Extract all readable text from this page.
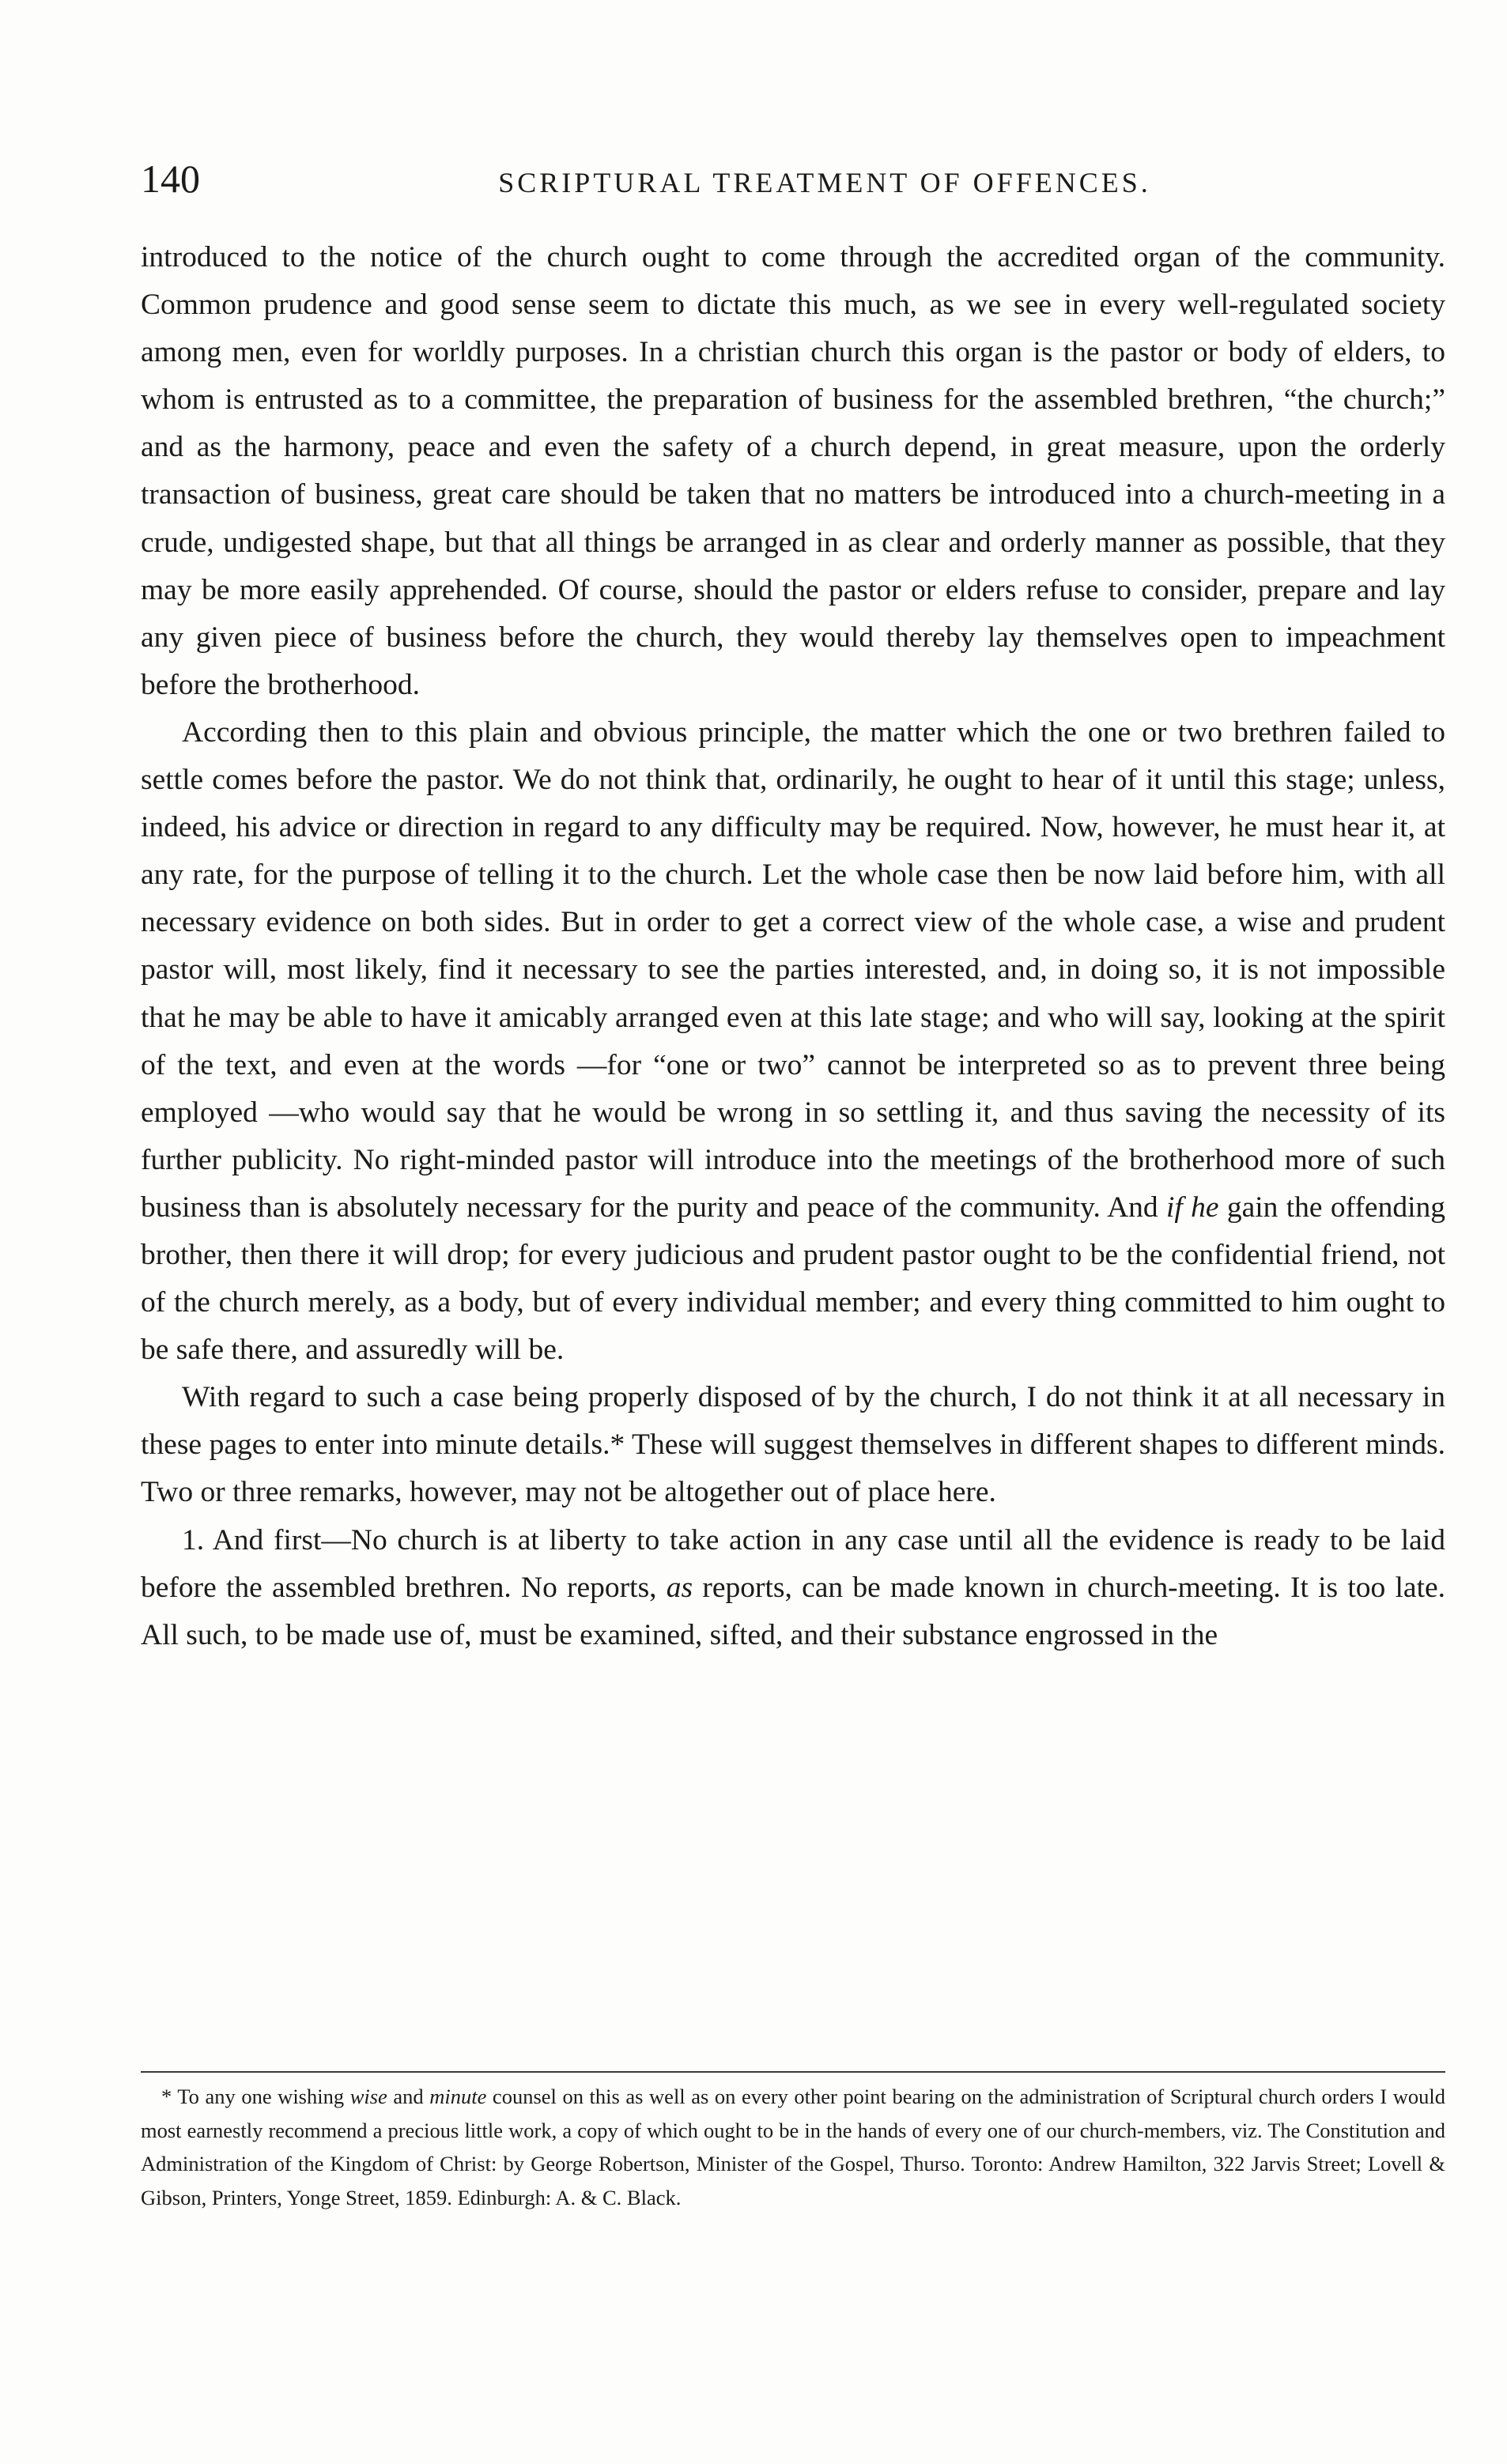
140	SCRIPTURAL TREATMENT OF OFFENCES.

introduced to the notice of the church ought to come through the accredited organ of the community. Common prudence and good sense seem to dictate this much, as we see in every well-regulated society among men, even for worldly purposes. In a christian church this organ is the pastor or body of elders, to whom is entrusted as to a committee, the preparation of business for the assembled brethren, “the church;” and as the harmony, peace and even the safety of a church depend, in great measure, upon the orderly transaction of business, great care should be taken that no matters be introduced into a church-meeting in a crude, undigested shape, but that all things be arranged in as clear and orderly manner as possible, that they may be more easily apprehended. Of course, should the pastor or elders refuse to consider, prepare and lay any given piece of business before the church, they would thereby lay themselves open to impeachment before the brotherhood.

According then to this plain and obvious principle, the matter which the one or two brethren failed to settle comes before the pastor. We do not think that, ordinarily, he ought to hear of it until this stage; unless, indeed, his advice or direction in regard to any difficulty may be required. Now, however, he must hear it, at any rate, for the purpose of telling it to the church. Let the whole case then be now laid before him, with all necessary evidence on both sides. But in order to get a correct view of the whole case, a wise and prudent pastor will, most likely, find it necessary to see the parties interested, and, in doing so, it is not impossible that he may be able to have it amicably arranged even at this late stage; and who will say, looking at the spirit of the text, and even at the words —for “one or two” cannot be interpreted so as to prevent three being employed —who would say that he would be wrong in so settling it, and thus saving the necessity of its further publicity. No right-minded pastor will introduce into the meetings of the brotherhood more of such business than is absolutely necessary for the purity and peace of the community. And if he gain the offending brother, then there it will drop; for every judicious and prudent pastor ought to be the confidential friend, not of the church merely, as a body, but of every individual member; and every thing committed to him ought to be safe there, and assuredly will be.

With regard to such a case being properly disposed of by the church, I do not think it at all necessary in these pages to enter into minute details.* These will suggest themselves in different shapes to different minds. Two or three remarks, however, may not be altogether out of place here.

1. And first—No church is at liberty to take action in any case until all the evidence is ready to be laid before the assembled brethren. No reports, as reports, can be made known in church-meeting. It is too late. All such, to be made use of, must be examined, sifted, and their substance engrossed in the

* To any one wishing wise and minute counsel on this as well as on every other point bearing on the administration of Scriptural church orders I would most earnestly recommend a precious little work, a copy of which ought to be in the hands of every one of our church-members, viz. The Constitution and Administration of the Kingdom of Christ: by George Robertson, Minister of the Gospel, Thurso. Toronto: Andrew Hamilton, 322 Jarvis Street; Lovell & Gibson, Printers, Yonge Street, 1859. Edinburgh: A. & C. Black.
